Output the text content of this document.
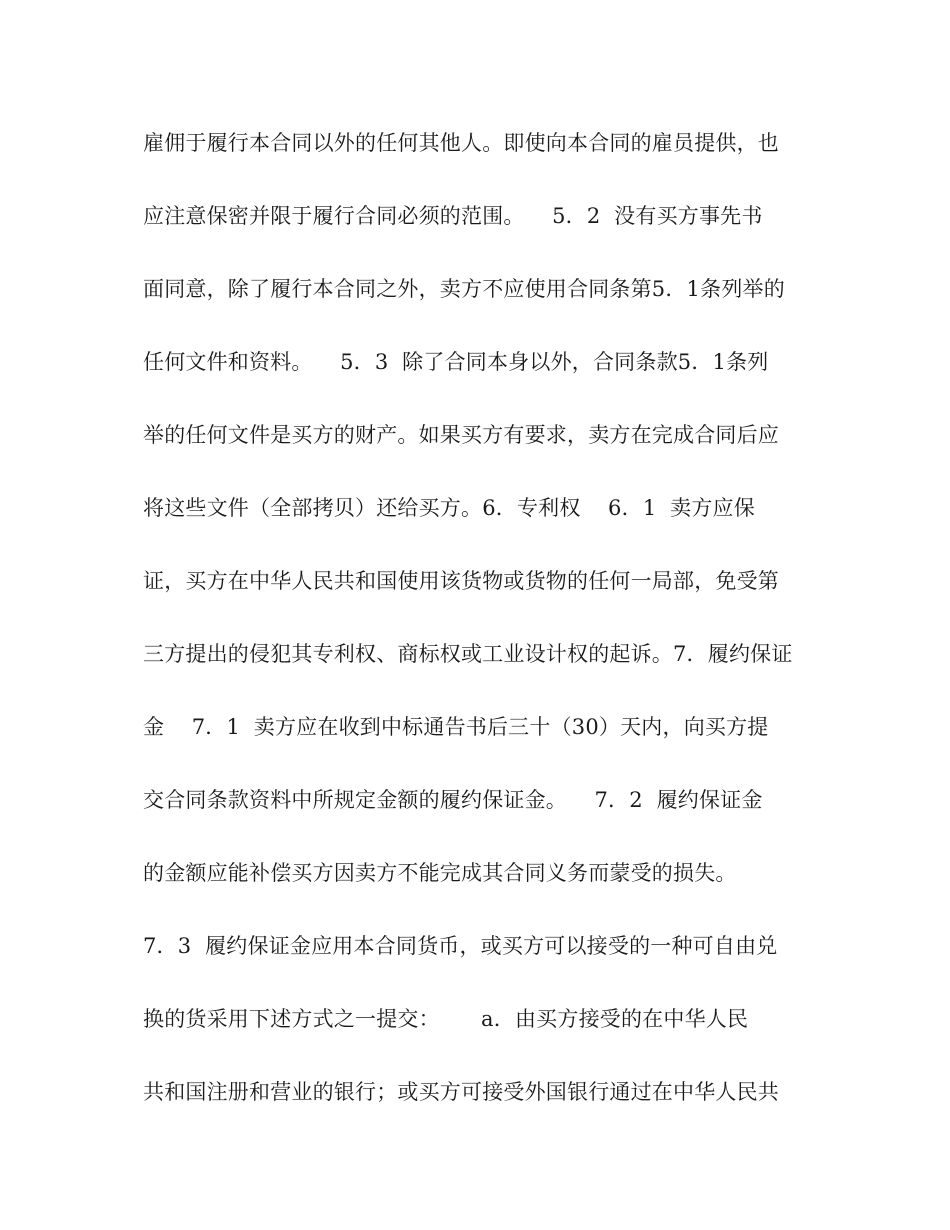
雇佣于履行本合同以外的任何其他人。即使向本合同的雇员提供，也
应注意保密并限于履行合同必须的范围。    5．2  没有买方事先书
面同意，除了履行本合同之外，卖方不应使用合同条第5．1条列举的
任何文件和资料。    5．3  除了合同本身以外，合同条款5．1条列
举的任何文件是买方的财产。如果买方有要求，卖方在完成合同后应
将这些文件（全部拷贝）还给买方。6．专利权    6．1  卖方应保
证，买方在中华人民共和国使用该货物或货物的任何一局部，免受第
三方提出的侵犯其专利权、商标权或工业设计权的起诉。7．履约保证
金    7．1  卖方应在收到中标通告书后三十（30）天内，向买方提
交合同条款资料中所规定金额的履约保证金。    7．2  履约保证金
的金额应能补偿买方因卖方不能完成其合同义务而蒙受的损失。
7．3  履约保证金应用本合同货币，或买方可以接受的一种可自由兑
换的货采用下述方式之一提交：      a．由买方接受的在中华人民
共和国注册和营业的银行；或买方可接受外国银行通过在中华人民共
